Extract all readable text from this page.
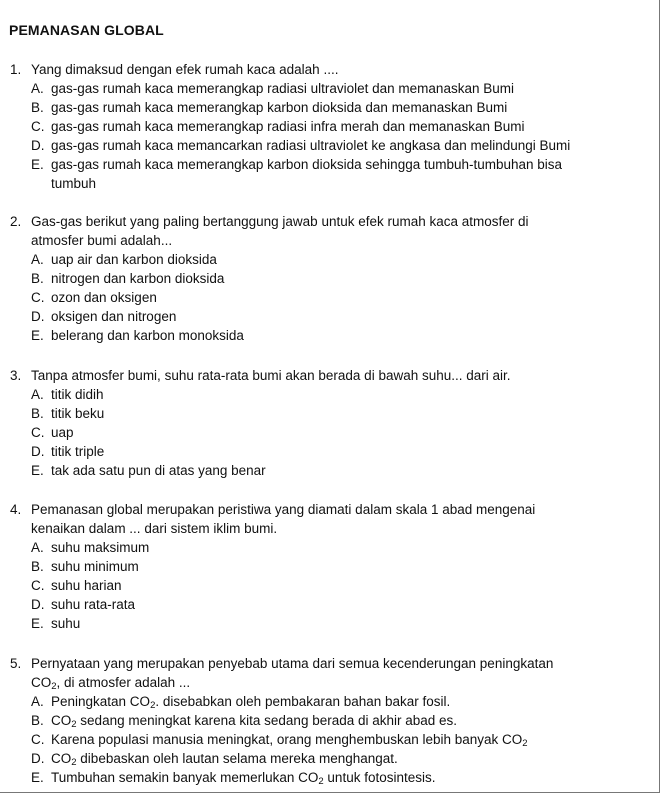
PEMANASAN GLOBAL
1. Yang dimaksud dengan efek rumah kaca adalah ....
A. gas-gas rumah kaca memerangkap radiasi ultraviolet dan memanaskan Bumi
B. gas-gas rumah kaca memerangkap karbon dioksida dan memanaskan Bumi
C. gas-gas rumah kaca memerangkap radiasi infra merah dan memanaskan Bumi
D. gas-gas rumah kaca memancarkan radiasi ultraviolet ke angkasa dan melindungi Bumi
E. gas-gas rumah kaca memerangkap karbon dioksida sehingga tumbuh-tumbuhan bisa
tumbuh
2. Gas-gas berikut yang paling bertanggung jawab untuk efek rumah kaca atmosfer di
atmosfer bumi adalah...
A. uap air dan karbon dioksida
B. nitrogen dan karbon dioksida
C. ozon dan oksigen
D. oksigen dan nitrogen
E. belerang dan karbon monoksida
3. Tanpa atmosfer bumi, suhu rata-rata bumi akan berada di bawah suhu... dari air.
A. titik didih
B. titik beku
C. uap
D. titik triple
E. tak ada satu pun di atas yang benar
4. Pemanasan global merupakan peristiwa yang diamati dalam skala 1 abad mengenai
kenaikan dalam ... dari sistem iklim bumi.
A. suhu maksimum
B. suhu minimum
C. suhu harian
D. suhu rata-rata
E. suhu
5. Pernyataan yang merupakan penyebab utama dari semua kecenderungan peningkatan
$CO_2$, di atmosfer adalah ...
A. Peningkatan $CO_2$. disebabkan oleh pembakaran bahan bakar fosil.
B. $CO_2$ sedang meningkat karena kita sedang berada di akhir abad es.
C. Karena populasi manusia meningkat, orang menghembuskan lebih banyak $CO_2$
D. $CO_2$ dibebaskan oleh lautan selama mereka menghangat.
E. Tumbuhan semakin banyak memerlukan $CO_2$ untuk fotosintesis.
